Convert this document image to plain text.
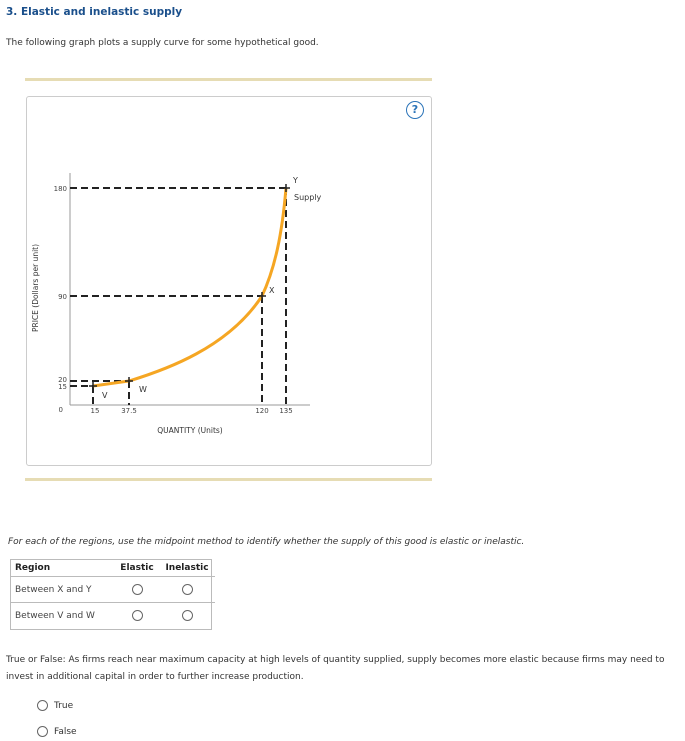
3. Elastic and inelastic supply
The following graph plots a supply curve for some hypothetical good.
?
V
W
X
Y
Supply
180
90
20
15
0	15	37.5	120 135
QUANTITY (Units)
PRICE (Dollars per unit)
For each of the regions, use the midpoint method to identify whether the supply of this good is elastic or inelastic.
Region	Elastic	Inelastic
Between X and Y		
Between V and W		
True or False: As firms reach near maximum capacity at high levels of quantity supplied, supply becomes more elastic because firms may need to invest in additional capital in order to further increase production.
True
False
